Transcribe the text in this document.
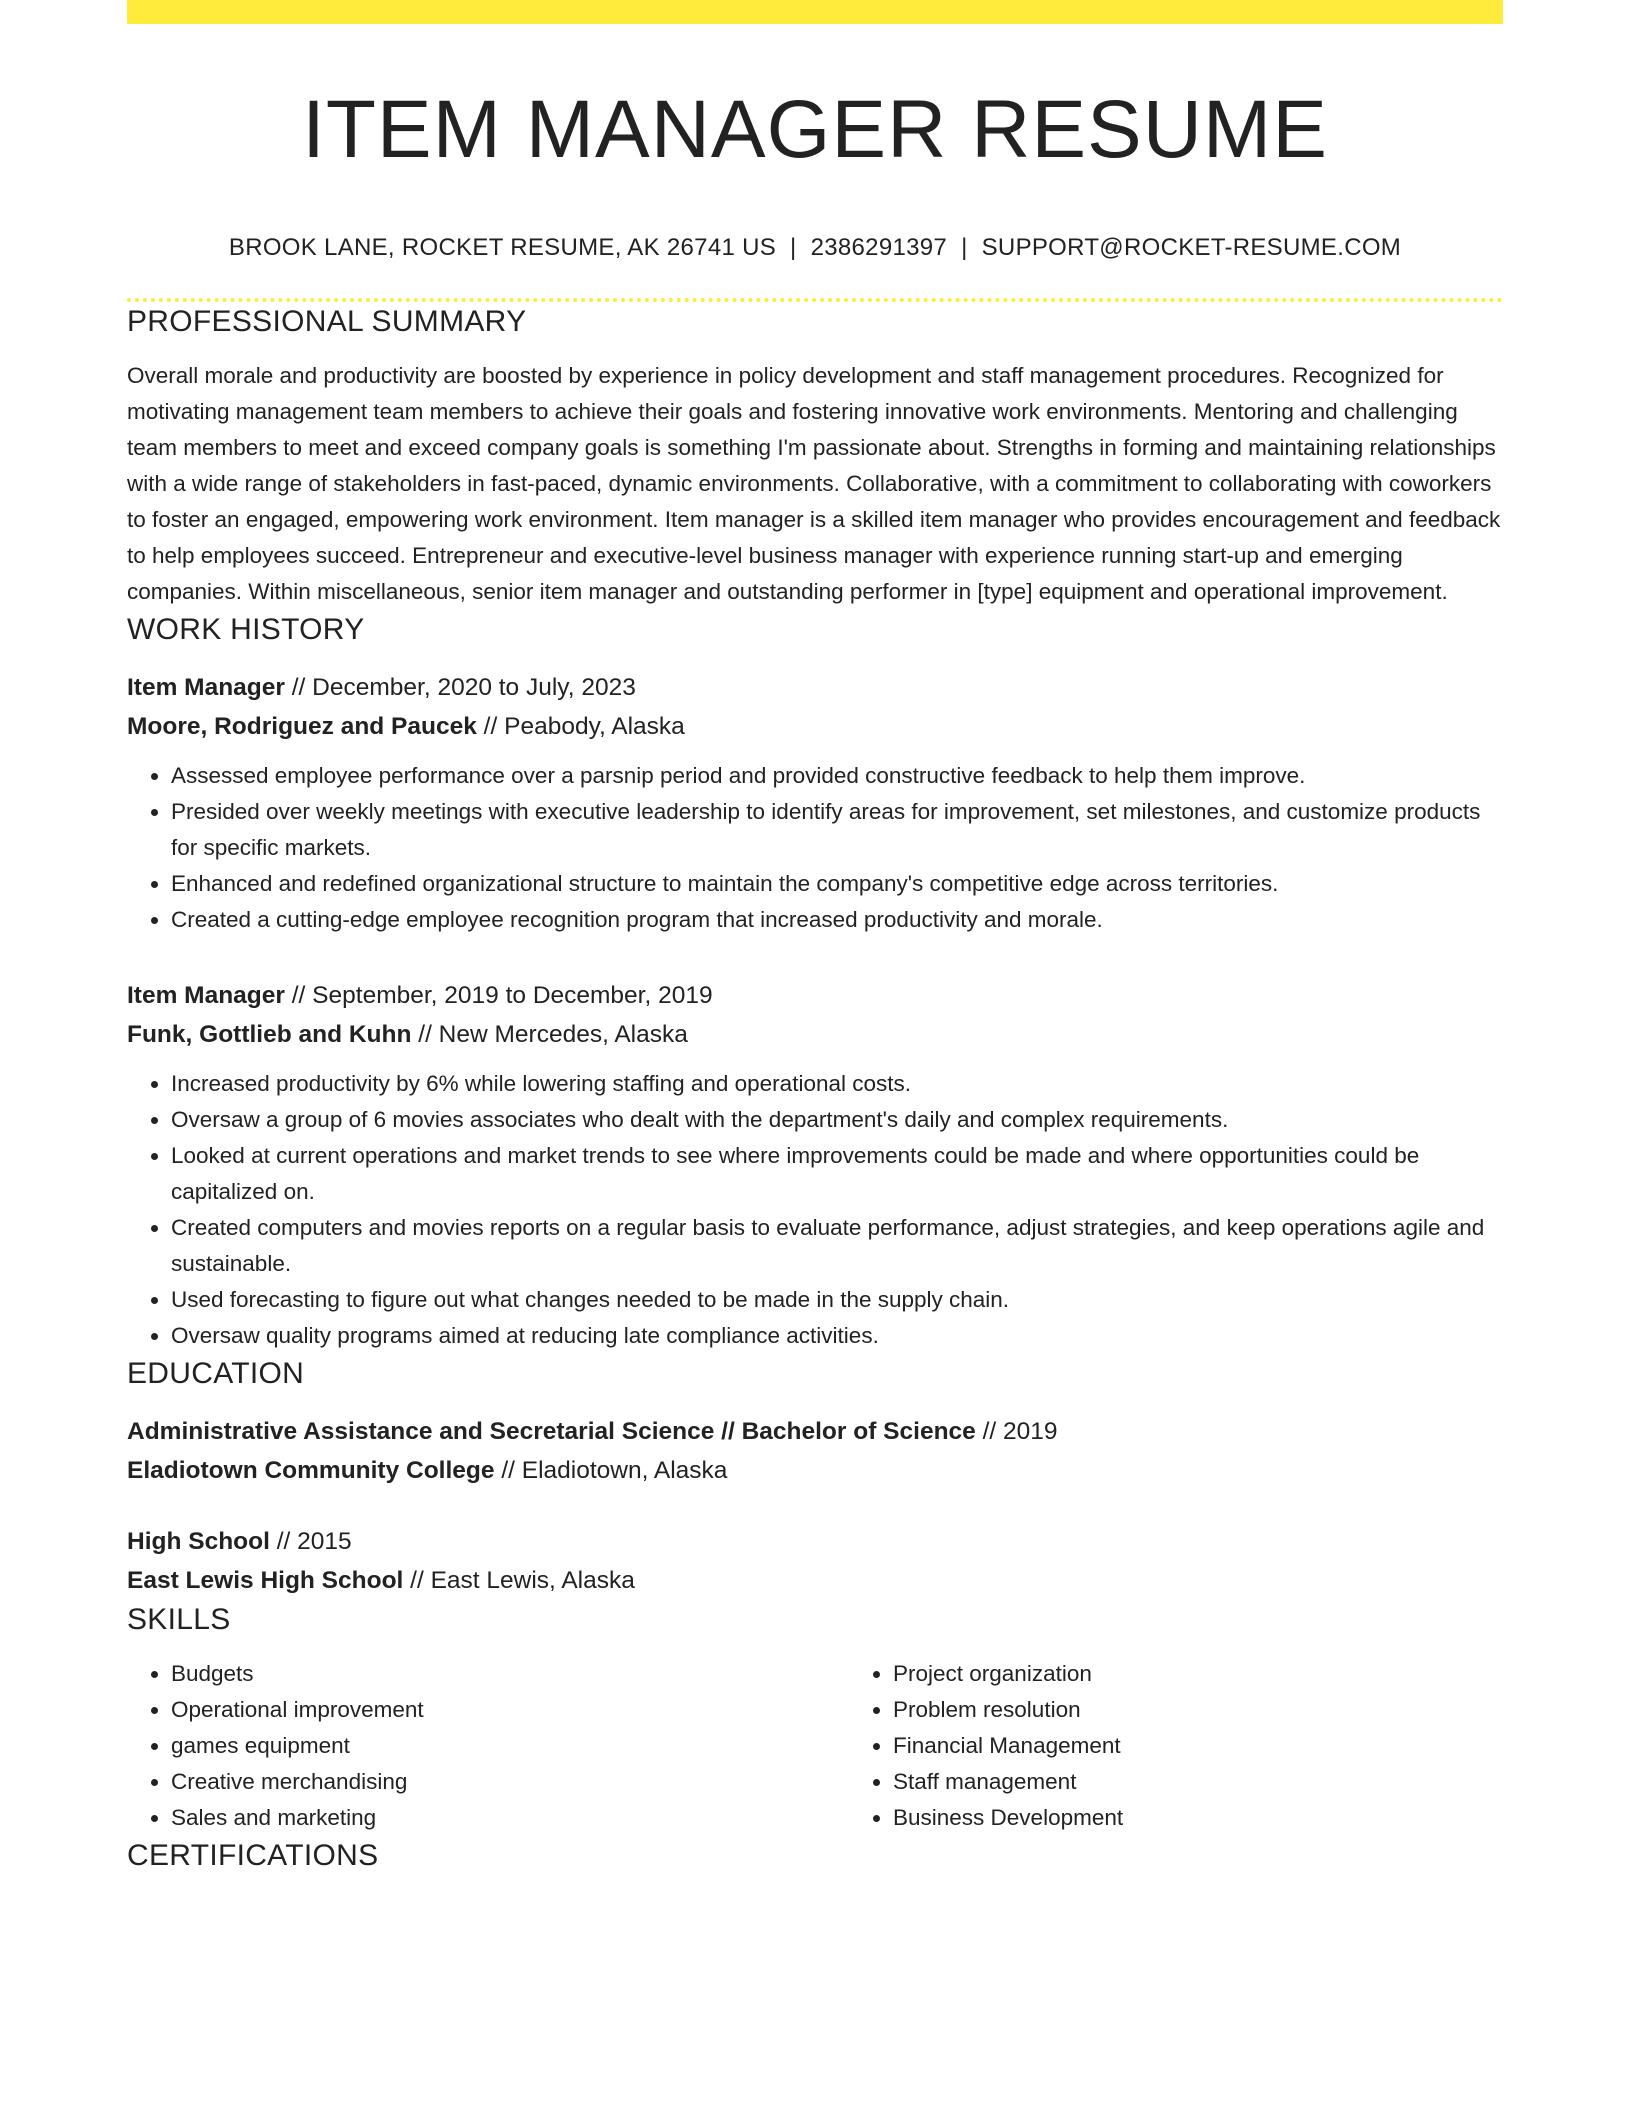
ITEM MANAGER RESUME
BROOK LANE, ROCKET RESUME, AK 26741 US | 2386291397 | SUPPORT@ROCKET-RESUME.COM
PROFESSIONAL SUMMARY
Overall morale and productivity are boosted by experience in policy development and staff management procedures. Recognized for motivating management team members to achieve their goals and fostering innovative work environments. Mentoring and challenging team members to meet and exceed company goals is something I'm passionate about. Strengths in forming and maintaining relationships with a wide range of stakeholders in fast-paced, dynamic environments. Collaborative, with a commitment to collaborating with coworkers to foster an engaged, empowering work environment. Item manager is a skilled item manager who provides encouragement and feedback to help employees succeed. Entrepreneur and executive-level business manager with experience running start-up and emerging companies. Within miscellaneous, senior item manager and outstanding performer in [type] equipment and operational improvement.
WORK HISTORY
Item Manager // December, 2020 to July, 2023
Moore, Rodriguez and Paucek // Peabody, Alaska
• Assessed employee performance over a parsnip period and provided constructive feedback to help them improve.
• Presided over weekly meetings with executive leadership to identify areas for improvement, set milestones, and customize products for specific markets.
• Enhanced and redefined organizational structure to maintain the company's competitive edge across territories.
• Created a cutting-edge employee recognition program that increased productivity and morale.
Item Manager // September, 2019 to December, 2019
Funk, Gottlieb and Kuhn // New Mercedes, Alaska
• Increased productivity by 6% while lowering staffing and operational costs.
• Oversaw a group of 6 movies associates who dealt with the department's daily and complex requirements.
• Looked at current operations and market trends to see where improvements could be made and where opportunities could be capitalized on.
• Created computers and movies reports on a regular basis to evaluate performance, adjust strategies, and keep operations agile and sustainable.
• Used forecasting to figure out what changes needed to be made in the supply chain.
• Oversaw quality programs aimed at reducing late compliance activities.
EDUCATION
Administrative Assistance and Secretarial Science // Bachelor of Science // 2019
Eladiotown Community College // Eladiotown, Alaska
High School // 2015
East Lewis High School // East Lewis, Alaska
SKILLS
• Budgets
• Operational improvement
• games equipment
• Creative merchandising
• Sales and marketing
• Project organization
• Problem resolution
• Financial Management
• Staff management
• Business Development
CERTIFICATIONS
